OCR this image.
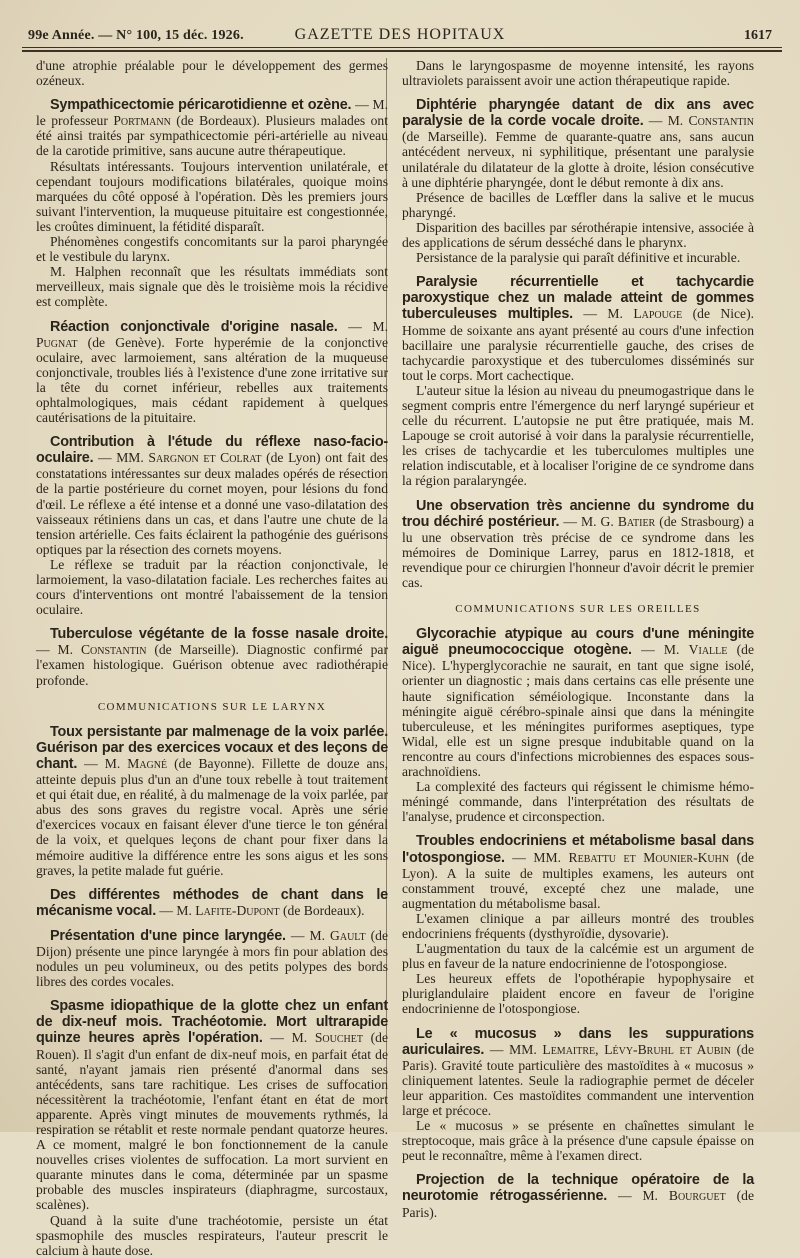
99e Année. — N° 100, 15 déc. 1926.	GAZETTE DES HOPITAUX	1617

d'une atrophie préalable pour le développement des germes ozéneux.

Sympathicectomie péricarotidienne et ozène. — M. le professeur Portmann (de Bordeaux). Plusieurs malades ont été ainsi traités par sympathicectomie péri-artérielle au niveau de la carotide primitive, sans aucune autre thérapeutique.

Résultats intéressants. Toujours intervention unilatérale, et cependant toujours modifications bilatérales, quoique moins marquées du côté opposé à l'opération. Dès les premiers jours suivant l'intervention, la muqueuse pituitaire est congestionnée, les croûtes diminuent, la fétidité disparaît.

Phénomènes congestifs concomitants sur la paroi pharyngée et le vestibule du larynx.

M. Halphen reconnaît que les résultats immédiats sont merveilleux, mais signale que dès le troisième mois la récidive est complète.

Réaction conjonctivale d'origine nasale. — M. Pugnat (de Genève). Forte hyperémie de la conjonctive oculaire, avec larmoiement, sans altération de la muqueuse conjonctivale, troubles liés à l'existence d'une zone irritative sur la tête du cornet inférieur, rebelles aux traitements ophtalmologiques, mais cédant rapidement à quelques cautérisations de la pituitaire.

Contribution à l'étude du réflexe naso-facio-oculaire. — MM. Sargnon et Colrat (de Lyon) ont fait des constatations intéressantes sur deux malades opérés de résection de la partie postérieure du cornet moyen, pour lésions du fond d'œil. Le réflexe a été intense et a donné une vaso-dilatation des vaisseaux rétiniens dans un cas, et dans l'autre une chute de la tension artérielle. Ces faits éclairent la pathogénie des guérisons optiques par la résection des cornets moyens.

Le réflexe se traduit par la réaction conjonctivale, le larmoiement, la vaso-dilatation faciale. Les recherches faites au cours d'interventions ont montré l'abaissement de la tension oculaire.

Tuberculose végétante de la fosse nasale droite. — M. Constantin (de Marseille). Diagnostic confirmé par l'examen histologique. Guérison obtenue avec radiothérapie profonde.

COMMUNICATIONS SUR LE LARYNX

Toux persistante par malmenage de la voix parlée. Guérison par des exercices vocaux et des leçons de chant. — M. Magné (de Bayonne). Fillette de douze ans, atteinte depuis plus d'un an d'une toux rebelle à tout traitement et qui était due, en réalité, à du malmenage de la voix parlée, par abus des sons graves du registre vocal. Après une série d'exercices vocaux en faisant élever d'une tierce le ton général de la voix, et quelques leçons de chant pour fixer dans la mémoire auditive la différence entre les sons aigus et les sons graves, la petite malade fut guérie.

Des différentes méthodes de chant dans le mécanisme vocal. — M. Lafite-Dupont (de Bordeaux).

Présentation d'une pince laryngée. — M. Gault (de Dijon) présente une pince laryngée à mors fin pour ablation des nodules un peu volumineux, ou des petits polypes des bords libres des cordes vocales.

Spasme idiopathique de la glotte chez un enfant de dix-neuf mois. Trachéotomie. Mort ultrarapide quinze heures après l'opération. — M. Souchet (de Rouen). Il s'agit d'un enfant de dix-neuf mois, en parfait état de santé, n'ayant jamais rien présenté d'anormal dans ses antécédents, sans tare rachitique. Les crises de suffocation nécessitèrent la trachéotomie, l'enfant étant en état de mort apparente. Après vingt minutes de mouvements rythmés, la respiration se rétablit et reste normale pendant quatorze heures. A ce moment, malgré le bon fonctionnement de la canule nouvelles crises violentes de suffocation. La mort survient en quarante minutes dans le coma, déterminée par un spasme probable des muscles inspirateurs (diaphragme, surcostaux, scalènes).

Quand à la suite d'une trachéotomie, persiste un état spasmophile des muscles respirateurs, l'auteur prescrit le calcium à haute dose.

Dans le laryngospasme de moyenne intensité, les rayons ultraviolets paraissent avoir une action thérapeutique rapide.

Diphtérie pharyngée datant de dix ans avec paralysie de la corde vocale droite. — M. Constantin (de Marseille). Femme de quarante-quatre ans, sans aucun antécédent nerveux, ni syphilitique, présentant une paralysie unilatérale du dilatateur de la glotte à droite, lésion consécutive à une diphtérie pharyngée, dont le début remonte à dix ans.

Présence de bacilles de Lœffler dans la salive et le mucus pharyngé.

Disparition des bacilles par sérothérapie intensive, associée à des applications de sérum desséché dans le pharynx.

Persistance de la paralysie qui paraît définitive et incurable.

Paralysie récurrentielle et tachycardie paroxystique chez un malade atteint de gommes tuberculeuses multiples. — M. Lapouge (de Nice). Homme de soixante ans ayant présenté au cours d'une infection bacillaire une paralysie récurrentielle gauche, des crises de tachycardie paroxystique et des tuberculomes disséminés sur tout le corps. Mort cachectique.

L'auteur situe la lésion au niveau du pneumogastrique dans le segment compris entre l'émergence du nerf laryngé supérieur et celle du récurrent. L'autopsie ne put être pratiquée, mais M. Lapouge se croit autorisé à voir dans la paralysie récurrentielle, les crises de tachycardie et les tuberculomes multiples une relation indiscutable, et à localiser l'origine de ce syndrome dans la région paralaryngée.

Une observation très ancienne du syndrome du trou déchiré postérieur. — M. G. Batier (de Strasbourg) a lu une observation très précise de ce syndrome dans les mémoires de Dominique Larrey, parus en 1812-1818, et revendique pour ce chirurgien l'honneur d'avoir décrit le premier cas.

COMMUNICATIONS SUR LES OREILLES

Glycorachie atypique au cours d'une méningite aiguë pneumococcique otogène. — M. Vialle (de Nice). L'hyperglycorachie ne saurait, en tant que signe isolé, orienter un diagnostic ; mais dans certains cas elle présente une haute signification séméiologique. Inconstante dans la méningite aiguë cérébro-spinale ainsi que dans la méningite tuberculeuse, et les méningites puriformes aseptiques, type Widal, elle est un signe presque indubitable quand on la rencontre au cours d'infections microbiennes des espaces sous-arachnoïdiens.

La complexité des facteurs qui régissent le chimisme hémo-méningé commande, dans l'interprétation des résultats de l'analyse, prudence et circonspection.

Troubles endocriniens et métabolisme basal dans l'otospongiose. — MM. Rebattu et Mounier-Kuhn (de Lyon). A la suite de multiples examens, les auteurs ont constamment trouvé, excepté chez une malade, une augmentation du métabolisme basal.

L'examen clinique a par ailleurs montré des troubles endocriniens fréquents (dysthyroïdie, dysovarie).

L'augmentation du taux de la calcémie est un argument de plus en faveur de la nature endocrinienne de l'otospongiose.

Les heureux effets de l'opothérapie hypophysaire et pluriglandulaire plaident encore en faveur de l'origine endocrinienne de l'otospongiose.

Le « mucosus » dans les suppurations auriculaires. — MM. Lemaitre, Lévy-Bruhl et Aubin (de Paris). Gravité toute particulière des mastoïdites à « mucosus » cliniquement latentes. Seule la radiographie permet de déceler leur apparition. Ces mastoïdites commandent une intervention large et précoce.

Le « mucosus » se présente en chaînettes simulant le streptocoque, mais grâce à la présence d'une capsule épaisse on peut le reconnaître, même à l'examen direct.

Projection de la technique opératoire de la neurotomie rétrogassérienne. — M. Bourguet (de Paris).
